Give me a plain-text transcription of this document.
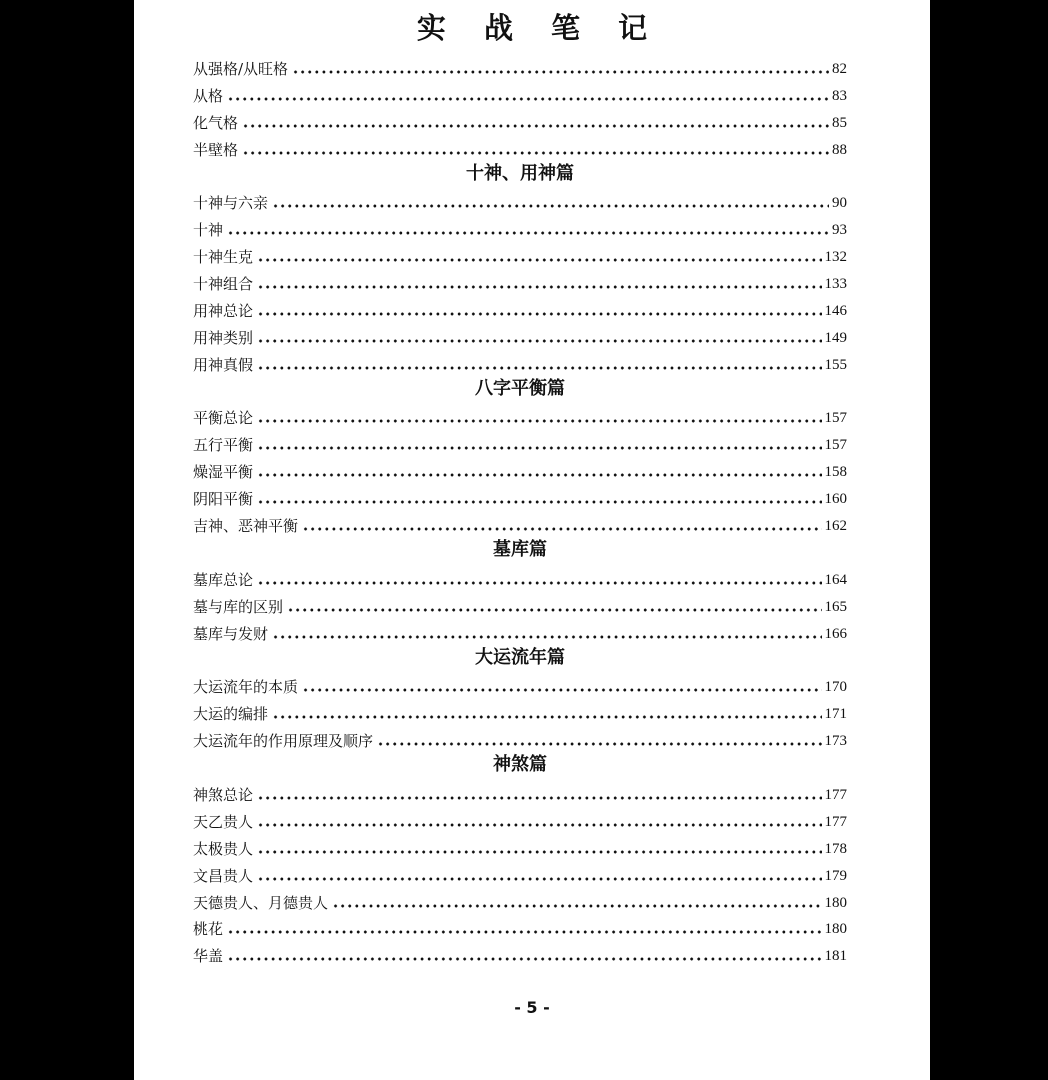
实 战 笔 记
从强格/从旺格	82
从格	83
化气格	85
半壁格	88
十神、用神篇
十神与六亲	90
十神	93
十神生克	132
十神组合	133
用神总论	146
用神类别	149
用神真假	155
八字平衡篇
平衡总论	157
五行平衡	157
燥湿平衡	158
阴阳平衡	160
吉神、恶神平衡	162
墓库篇
墓库总论	164
墓与库的区别	165
墓库与发财	166
大运流年篇
大运流年的本质	170
大运的编排	171
大运流年的作用原理及顺序	173
神煞篇
神煞总论	177
天乙贵人	177
太极贵人	178
文昌贵人	179
天德贵人、月德贵人	180
桃花	180
华盖	181
- 5 -
